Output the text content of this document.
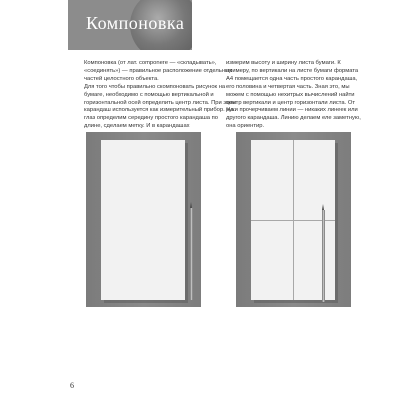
Компоновка

Компоновка (от лат. componere — «складывать», «соединять») — правильное расположение отдельных частей целостного объекта.

Для того чтобы правильно скомпоновать рисунок на бумаге, необходимо с помощью вертикальной и горизонтальной осей определить центр листа. При этом карандаш используется как измерительный прибор. На глаз определим середину простого карандаша по длине, сделаем метку. И в карандашах

измерим высоту и ширину листа бумаги. К примеру, по вертикали на листе бумаги формата А4 помещается одна часть простого карандаша, его половина и четвертая часть. Зная это, мы можем с помощью нехитрых вычислений найти центр вертикали и центр горизонтали листа. От руки прочерчиваем линии — никаких линеек или другого карандаша. Линию делаем еле заметную, она ориентир.

6
